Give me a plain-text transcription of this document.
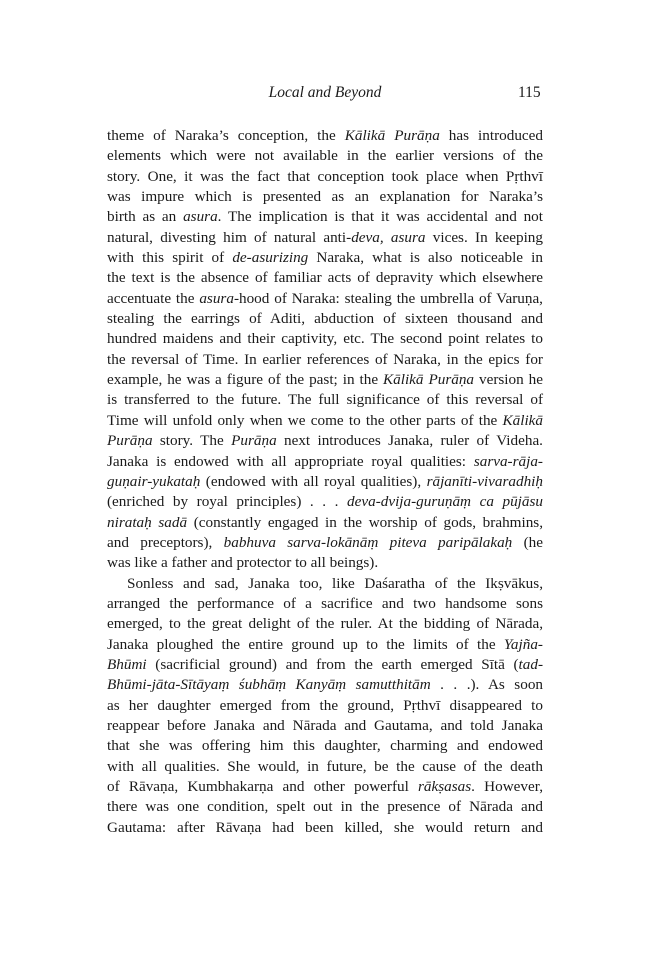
Local and Beyond	115
theme of Naraka’s conception, the Kālikā Purāṇa has introduced
elements which were not available in the earlier versions of the
story. One, it was the fact that conception took place when Pṛthvī
was impure which is presented as an explanation for Naraka’s
birth as an asura. The implication is that it was accidental and not
natural, divesting him of natural anti-deva, asura vices. In keeping
with this spirit of de-asurizing Naraka, what is also noticeable in
the text is the absence of familiar acts of depravity which elsewhere
accentuate the asura-hood of Naraka: stealing the umbrella of Varuṇa,
stealing the earrings of Aditi, abduction of sixteen thousand and
hundred maidens and their captivity, etc. The second point relates to
the reversal of Time. In earlier references of Naraka, in the epics for
example, he was a figure of the past; in the Kālikā Purāṇa version he
is transferred to the future. The full significance of this reversal of
Time will unfold only when we come to the other parts of the Kālikā
Purāṇa story. The Purāṇa next introduces Janaka, ruler of Videha.
Janaka is endowed with all appropriate royal qualities: sarva-rāja-
guṇair-yukataḥ (endowed with all royal qualities), rājanīti-vivaradhiḥ
(enriched by royal principles) . . . deva-dvija-guruṇāṃ ca pūjāsu
nirataḥ sadā (constantly engaged in the worship of gods, brahmins,
and preceptors), babhuva sarva-lokānāṃ piteva paripālakaḥ (he
was like a father and protector to all beings).
Sonless and sad, Janaka too, like Daśaratha of the Ikṣvākus,
arranged the performance of a sacrifice and two handsome sons
emerged, to the great delight of the ruler. At the bidding of Nārada,
Janaka ploughed the entire ground up to the limits of the Yajña-
Bhūmi (sacrificial ground) and from the earth emerged Sītā (tad-
Bhūmi-jāta-Sītāyaṃ śubhāṃ Kanyāṃ samutthitām . . .). As soon
as her daughter emerged from the ground, Pṛthvī disappeared to
reappear before Janaka and Nārada and Gautama, and told Janaka
that she was offering him this daughter, charming and endowed
with all qualities. She would, in future, be the cause of the death
of Rāvaṇa, Kumbhakarṇa and other powerful rākṣasas. However,
there was one condition, spelt out in the presence of Nārada and
Gautama: after Rāvaṇa had been killed, she would return and
